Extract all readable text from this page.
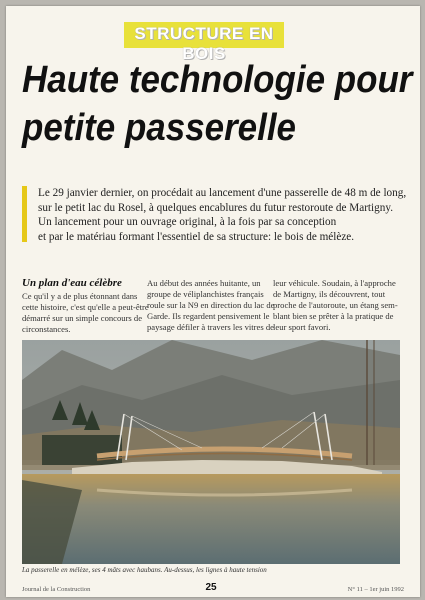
STRUCTURE EN BOIS
Haute technologie pour
petite passerelle
Le 29 janvier dernier, on procédait au lancement d'une passerelle de 48 m de long,
sur le petit lac du Rosel, à quelques encablures du futur restoroute de Martigny.
Un lancement pour un ouvrage original, à la fois par sa conception
et par le matériau formant l'essentiel de sa structure: le bois de mélèze.
Un plan d'eau célèbre
Ce qu'il y a de plus étonnant dans
cette histoire, c'est qu'elle a peut-être
démarré sur un simple concours de
circonstances.
Au début des années huitante, un
groupe de véliplanchistes français
roule sur la N9 en direction du lac de
Garde. Ils regardent pensivement le
paysage défiler à travers les vitres de
leur véhicule. Soudain, à l'approche
de Martigny, ils découvrent, tout
proche de l'autoroute, un étang sem-
blant bien se prêter à la pratique de
leur sport favori.
La passerelle en mélèze, ses 4 mâts avec haubans. Au-dessus, les lignes à haute tension
Journal de la Construction	25	N° 11 – 1er juin 1992
